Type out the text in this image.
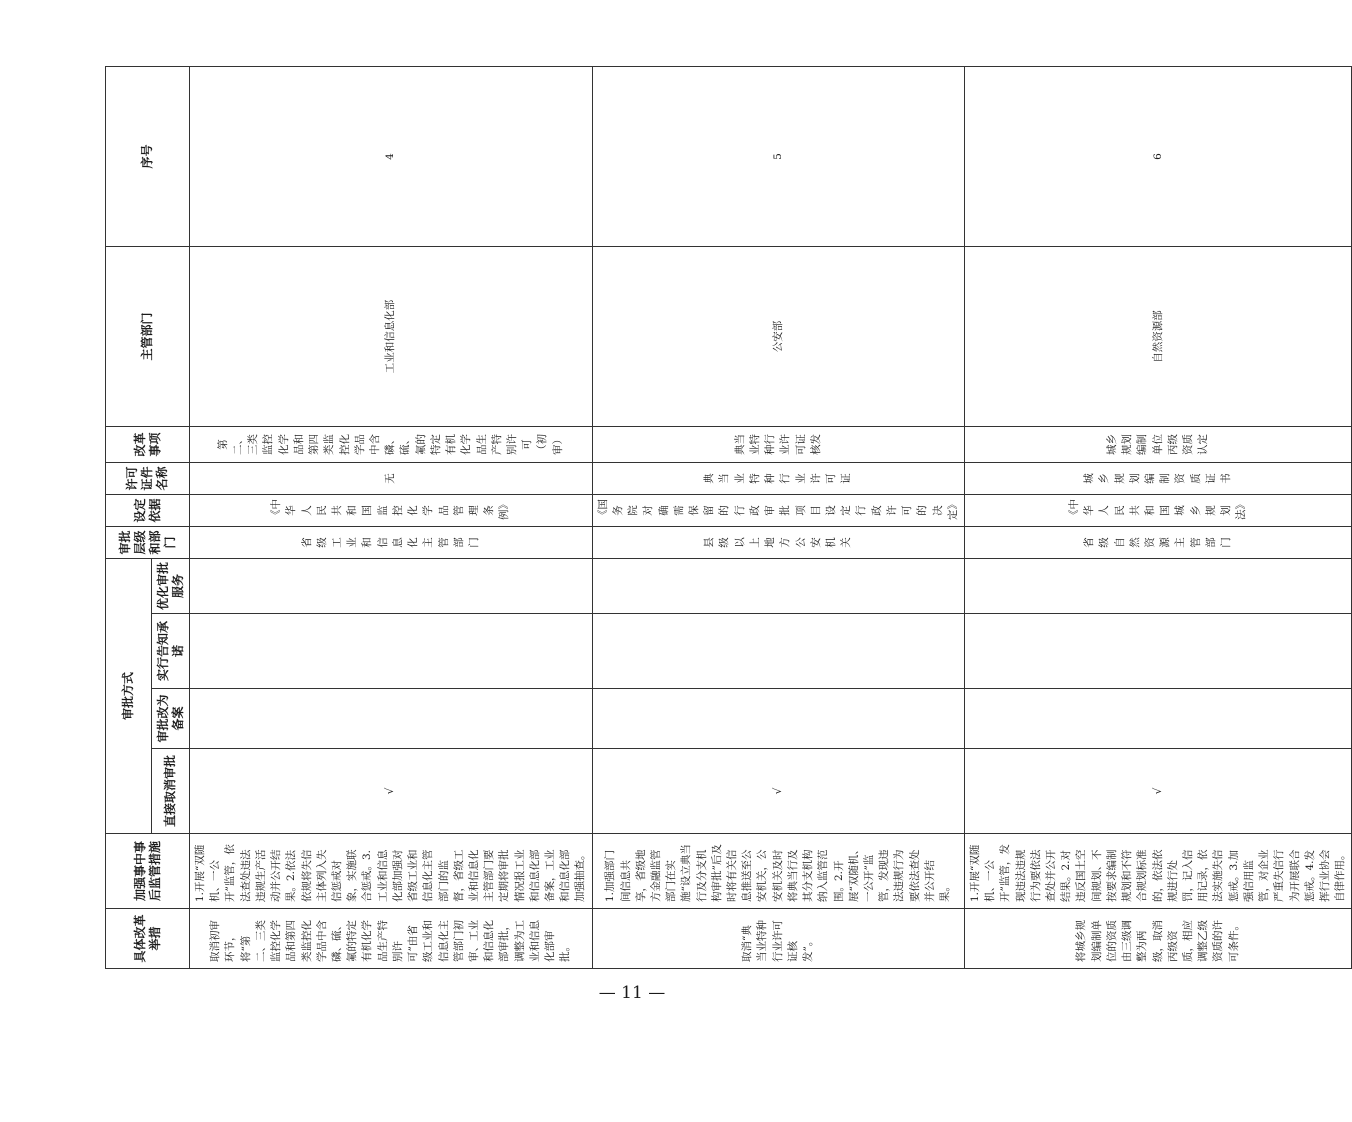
具体改革举措	加强事中事后监管措施	审批方式				审批层级和部门	设定依据	许可证件名称	改革事项	主管部门	序号
		直接取消审批	审批改为备案	实行告知承诺	优化审批服务						
取消初审环节，将“第二、三类监控化学品和第四类监控化学品中含磷、硫、氟的特定有机化学品生产特别许可”由省级工业和信息化主管部门初审、工业和信息化部审批，调整为工业和信息化部审批。	1.开展“双随机、一公开”监管，依法查处违法违规生产活动并公开结果。2.依法依规将失信主体列入失信惩戒对象，实施联合惩戒。3.工业和信息化部加强对省级工业和信息化主管部门的监督，省级工业和信息化主管部门要定期将审批情况报工业和信息化部备案，工业和信息化部加强抽查。	√				省级工业和信息化主管部门	《中华人民共和国监控化学品管理条例》	无	第二、三类监控化学品和第四类监控化学品中含磷、硫、氟的特定有机化学品生产特别许可（初审）	工业和信息化部	4
取消“典当业特种行业许可证核发”。	1.加强部门间信息共享，省级地方金融监管部门在实施“设立典当行及分支机构审批”后及时将有关信息推送至公安机关，公安机关及时将典当行及其分支机构纳入监管范围。2.开展“双随机、一公开”监管，发现违法违规行为要依法查处并公开结果。	√				县级以上地方公安机关	《国务院对确需保留的行政审批项目设定行政许可的决定》	典当业特种行业许可证	典当业特种行业许可证核发	公安部	5
将城乡规划编制单位的资质由三级调整为两级，取消丙级资质，相应调整乙级资质的许可条件。	1.开展“双随机、一公开”监管，发现违法违规行为要依法查处并公开结果。2.对违反国土空间规划、不按要求编制规划和不符合规划标准的，依法依规进行处罚，记入信用记录，依法实施失信惩戒。3.加强信用监管，对企业严重失信行为开展联合惩戒。4.发挥行业协会自律作用。	√				省级自然资源主管部门	《中华人民共和国城乡规划法》	城乡规划编制资质证书	城乡规划编制单位丙级资质认定	自然资源部	6
— 11 —
